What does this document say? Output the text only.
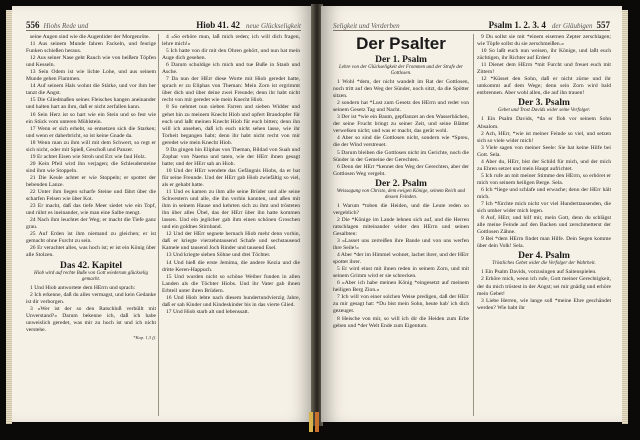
556 Hiobs Rede und	Hiob 41. 42 neue Glückseligkeit

seine Augen sind wie die Augenlider der Morgenröte.

11 Aus seinem Munde fahren Fackeln, und feurige Funken schießen heraus.

12 Aus seiner Nase geht Rauch wie von heißem Töpfen und Kesseln.

13 Sein Odem ist wie lichte Lohe, und aus seinem Munde gehen Flammen.

14 Auf seinem Hals wohnt die Stärke, und vor ihm her tanzt die Angst.

15 Die Gliedmaßen seines Fleisches hangen aneinander und halten hart an ihm, daß er nicht zerfallen kann.

16 Sein Herz ist so hart wie ein Stein und so fest wie ein Stück vom unteren Mühlstein.

17 Wenn er sich erhebt, so entsetzen sich die Starken; und wenn er daherbricht, so ist keine Gnade da.

18 Wenn man zu ihm will mit dem Schwert, so regt er sich nicht, oder mit Spieß, Geschoß und Panzer.

19 Er achtet Eisen wie Stroh und Erz wie faul Holz.

20 Kein Pfeil wird ihn verjagen; die Schleudersteine sind ihm wie Stoppeln.

21 Die Keule achtet er wie Stoppeln; er spottet der bebenden Lanze.

22 Unter ihm liegen scharfe Steine und fährt über die scharfen Felsen wie über Kot.

23 Er macht, daß das tiefe Meer siedet wie ein Topf, und rührt es ineinander, wie man eine Salbe mengt.

24 Nach ihm leuchtet der Weg; er macht die Tiefe ganz grau.

25 Auf Erden ist ihm niemand zu gleichen; er ist gemacht ohne Furcht zu sein.

26 Er verachtet alles, was hoch ist; er ist ein König über alle Stolzen.

Das 42. Kapitel
Hiob wird auf rechte Buße von Gott wiederum glückselig gemacht.

1 Und Hiob antwortete dem HErrn und sprach:

2 Ich erkenne, daß du alles vermagst, und kein Gedanke ist dir verborgen.

3 »Wer ist der so den Ratschluß verhüllt mit Unverstand?« Darum bekenne ich, daß ich habe unweislich geredet, was mir zu hoch ist und ich nicht verstehe.

*Kap. 1,3 ff.

4 »So erhöre mun, laß mich reden; ich will dich fragen, lehre mich!«

5 Ich hatte von dir mit den Ohren gehört, und nun hat mein Auge dich gesehen.

6 Darum schuldige ich mich und tue Buße in Staub und Asche.

7 Da nun der HErr diese Worte mit Hiob geredet hatte, sprach er zu Eliphas von Theman: Mein Zorn ist ergrimmt über dich und über deine zwei Freunde; denn ihr habt nicht recht von mir geredet wie mein Knecht Hiob.

8 So nehmet nun sieben Farren und sieben Widder und gehet hin zu meinem Knecht Hiob und opfert Brandopfer für euch und laßt meinen Knecht Hiob für euch bitten; denn ihn will ich ansehen, daß ich euch nicht sehen lasse, wie ihr Torheit begangen habt; denn ihr habt nicht recht von mir geredet wie mein Knecht Hiob.

9 Da gingen hin Eliphas von Theman, Bildad von Suah und Zophar von Naema und taten, wie der HErr ihnen gesagt hatte; und der HErr sah an Hiob.

10 Und der HErr wendete das Gefängnis Hiobs, da er bat für seine Freunde. Und der HErr gab Hiob zwiefältig so viel, als er gehabt hatte.

11 Und es kamen zu ihm alle seine Brüder und alle seine Schwestern und alle, die ihn vorhin kannten, und aßen mit ihm in seinem Hause und kehrten sich zu ihm und trösteten ihn über alles Übel, das der HErr über ihn hatte kommen lassen. Und ein jeglicher gab ihm einen schönen Groschen und ein goldnes Stirnband.

12 Und der HErr segnete hernach Hiob mehr denn vorhin, daß er kriegte vierzehntausend Schafe und sechstausend Kamele und tausend Joch Rinder und tausend Esel.

13 Und kriegte sieben Söhne und drei Töchter.

14 Und hieß die erste Jemima, die andere Kezia und die dritte Keren-Happuch.

15 Und wurden nicht so schöne Weiber funden in allen Landen als die Töchter Hiobs. Und ihr Vater gab ihnen Erbteil unter ihren Brüdern.

16 Und Hiob lebte nach diesem hundertundvierzig Jahre, daß er sah Kinder und Kindeskinder bis in das vierte Glied.

17 Und Hiob starb alt und lebenssatt.

Seligkeit und Verderben	Psalm 1. 2. 3. 4 der Gläubigen 557
Der Psalter
Der 1. Psalm
Lehre von der Glückseligkeit der Frommen und der Strafe der Gottlosen.

1 Wohl *dem, der nicht wandelt im Rat der Gottlosen, noch tritt auf den Weg der Sünder, noch sitzt, da die Spötter sitzen.

2 sondern hat *Lust zum Gesetz des HErrn und redet von seinem Gesetz Tag und Nacht.

3 Der ist *wie ein Baum, gepflanzet an den Wasserbächen, der seine Frucht bringt zu seiner Zeit, und seine Blätter verwelken nicht; und was er macht, das gerät wohl.

4 Aber so sind die Gottlosen nicht, sondern wie *Spreu, die der Wind verstreuet.

5 Darum bleiben die Gottlosen nicht im Gerichte, noch die Sünder in der Gemeine der Gerechten.

6 Denn der HErr *kennet den Weg der Gerechten, aber der Gottlosen Weg vergeht.

Der 2. Psalm
Weissagung von Christo, dem ewigen Könige, seinem Reich und dessen Feinden.

1 Warum *toben die Heiden, und die Leute reden so vergeblich?

2 Die *Könige im Lande lehnen sich auf, und die Herren ratschlagen miteinander wider den HErrn und seinen Gesalbten:

3 »Lasset uns zerreißen ihre Bande und von uns werfen ihre Seile!«

4 Aber *der im Himmel wohnet, lachet ihrer, und der HErr spottet ihrer.

5 Er wird einst mit ihnen reden in seinem Zorn, und mit seinem Grimm wird er sie schrecken.

6 »Aber ich habe meinen König *eingesetzt auf meinem heiligen Berg Zion.«

7 Ich will von einer solchen Weise predigen, daß der HErr zu mir gesagt hat: *Du bist mein Sohn, heute hab' ich dich gezeuget.

8 Heische von mir, so will ich dir die Heiden zum Erbe geben und *der Welt Ende zum Eigentum.

9 Du sollst sie mit *einem eisernen Zepter zerschlagen; wie Töpfe sollst du sie zerschmeißen.«

10 So laßt euch nun weisen, ihr Könige, und laßt euch züchtigen, ihr Richter auf Erden!

11 Dienet dem HErrn *mit Furcht und freuet euch mit Zittern!

12 *Küsset den Sohn, daß er nicht zürne und ihr umkommt auf dem Wege; denn sein Zorn wird bald entbrennen. Aber wohl allen, die auf ihn trauen!

Der 3. Psalm
Gebet und Trost Davids wider seine Verfolger.

1 Ein Psalm Davids, *da er floh vor seinem Sohn Absalom.

2 Ach, HErr, *wie ist meiner Feinde so viel, und setzen sich so viele wider mich!

3 Viele sagen von meiner Seele: Sie hat keine Hilfe bei Gott. Sela.

4 Aber du, HErr, bist der Schild für mich, und der mich zu Ehren setzet und mein Haupt aufrichtet.

5 Ich rufe an mit meiner Stimme den HErrn, so erhöret er mich von seinem heiligen Berge. Sela.

6 Ich *liege und schlafe und erwache; denn der HErr hält mich.

7 Ich *fürchte mich nicht vor viel Hunderttausenden, die sich umher wider mich legen.

8 Auf, HErr, und hilf mir, mein Gott, denn du schlägst alle meine Feinde auf den Backen und zerschmetterst der Gottlosen Zähne.

9 Bei *dem HErrn findet man Hilfe. Dein Segen komme über dein Volk! Sela.

Der 4. Psalm
Tröstliches Gebet wider die Verfolger der Wahrheit.

1 Ein Psalm Davids, vorzusingen auf Saitenspielen.

2 Erhöre mich, wenn ich rufe, Gott meiner Gerechtigkeit, der du mich tröstest in der Angst; sei mir gnädig und erhöre mein Gebet!

3 Liebe Herren, wie lange soll *meine Ehre geschändet werden? Wie habt ihr
